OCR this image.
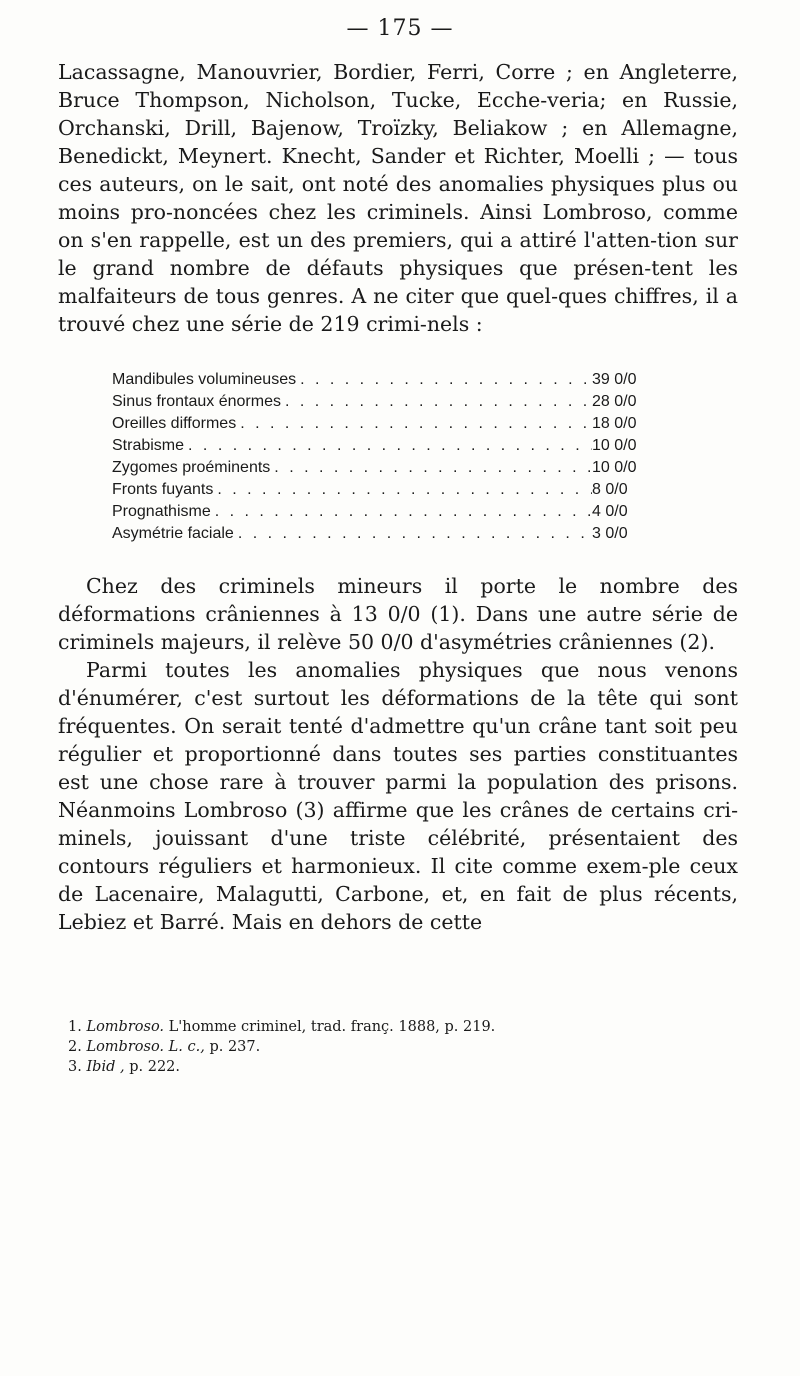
— 175 —

Lacassagne, Manouvrier, Bordier, Ferri, Corre ; en Angleterre, Bruce Thompson, Nicholson, Tucke, Ecche-veria; en Russie, Orchanski, Drill, Bajenow, Troïzky, Beliakow ; en Allemagne, Benedickt, Meynert. Knecht, Sander et Richter, Moelli ; — tous ces auteurs, on le sait, ont noté des anomalies physiques plus ou moins pro-noncées chez les criminels. Ainsi Lombroso, comme on s'en rappelle, est un des premiers, qui a attiré l'atten-tion sur le grand nombre de défauts physiques que présen-tent les malfaiteurs de tous genres. A ne citer que quel-ques chiffres, il a trouvé chez une série de 219 crimi-nels :

Mandibules volumineuses . . .	39 0/0
Sinus frontaux énormes . . .	28 0/0
Oreilles difformes . . .	18 0/0
Strabisme . . .	10 0/0
Zygomes proéminents . . .	10 0/0
Fronts fuyants . . .	8 0/0
Prognathisme . . .	4 0/0
Asymétrie faciale . . .	3 0/0

Chez des criminels mineurs il porte le nombre des déformations crâniennes à 13 0/0 (1). Dans une autre série de criminels majeurs, il relève 50 0/0 d'asymétries crâniennes (2).

Parmi toutes les anomalies physiques que nous venons d'énumérer, c'est surtout les déformations de la tête qui sont fréquentes. On serait tenté d'admettre qu'un crâne tant soit peu régulier et proportionné dans toutes ses parties constituantes est une chose rare à trouver parmi la population des prisons. Néanmoins Lombroso (3) affirme que les crânes de certains cri-minels, jouissant d'une triste célébrité, présentaient des contours réguliers et harmonieux. Il cite comme exem-ple ceux de Lacenaire, Malagutti, Carbone, et, en fait de plus récents, Lebiez et Barré. Mais en dehors de cette

1. Lombroso. L'homme criminel, trad. franç. 1888, p. 219.
2. Lombroso. L. c., p. 237.
3. Ibid , p. 222.
